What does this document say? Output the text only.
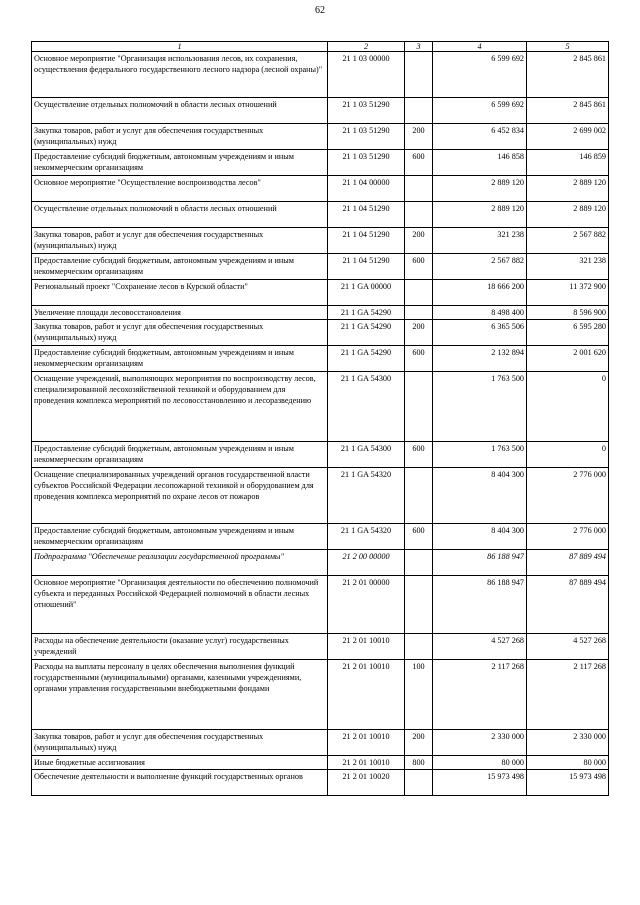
62
1	2	3	4	5
Основное мероприятие "Организация использования лесов, их сохранения, осуществления федерального государственного лесного надзора (лесной охраны)"	21 1 03 00000		6 599 692	2 845 861
Осуществление отдельных полномочий в области лесных отношений	21 1 03 51290		6 599 692	2 845 861
Закупка товаров, работ и услуг для обеспечения государственных (муниципальных) нужд	21 1 03 51290	200	6 452 834	2 699 002
Предоставление субсидий бюджетным, автономным учреждениям и иным некоммерческим организациям	21 1 03 51290	600	146 858	146 859
Основное мероприятие "Осуществление воспроизводства лесов"	21 1 04 00000		2 889 120	2 889 120
Осуществление отдельных полномочий в области лесных отношений	21 1 04 51290		2 889 120	2 889 120
Закупка товаров, работ и услуг для обеспечения государственных (муниципальных) нужд	21 1 04 51290	200	321 238	2 567 882
Предоставление субсидий бюджетным, автономным учреждениям и иным некоммерческим организациям	21 1 04 51290	600	2 567 882	321 238
Региональный проект "Сохранение лесов в Курской области"	21 1 GA 00000		18 666 200	11 372 900
Увеличение площади лесовосстановления	21 1 GA 54290		8 498 400	8 596 900
Закупка товаров, работ и услуг для обеспечения государственных (муниципальных) нужд	21 1 GA 54290	200	6 365 506	6 595 280
Предоставление субсидий бюджетным, автономным учреждениям и иным некоммерческим организациям	21 1 GA 54290	600	2 132 894	2 001 620
Оснащение учреждений, выполняющих мероприятия по воспроизводству лесов, специализированной лесохозяйственной техникой и оборудованием для проведения комплекса мероприятий по лесовосстановлению и лесоразведению	21 1 GA 54300		1 763 500	0
Предоставление субсидий бюджетным, автономным учреждениям и иным некоммерческим организациям	21 1 GA 54300	600	1 763 500	0
Оснащение специализированных учреждений органов государственной власти субъектов Российской Федерации лесопожарной техникой и оборудованием для проведения комплекса мероприятий по охране лесов от пожаров	21 1 GA 54320		8 404 300	2 776 000
Предоставление субсидий бюджетным, автономным учреждениям и иным некоммерческим организациям	21 1 GA 54320	600	8 404 300	2 776 000
Подпрограмма "Обеспечение реализации государственной программы"	21 2 00 00000		86 188 947	87 889 494
Основное мероприятие "Организация деятельности по обеспечению полномочий субъекта и переданных Российской Федерацией полномочий в области лесных отношений"	21 2 01 00000		86 188 947	87 889 494
Расходы на обеспечение деятельности (оказание услуг) государственных учреждений	21 2 01 10010		4 527 268	4 527 268
Расходы на выплаты персоналу в целях обеспечения выполнения функций государственными (муниципальными) органами, казенными учреждениями, органами управления государственными внебюджетными фондами	21 2 01 10010	100	2 117 268	2 117 268
Закупка товаров, работ и услуг для обеспечения государственных (муниципальных) нужд	21 2 01 10010	200	2 330 000	2 330 000
Иные бюджетные ассигнования	21 2 01 10010	800	80 000	80 000
Обеспечение деятельности и выполнение функций государственных органов	21 2 01 10020		15 973 498	15 973 498
